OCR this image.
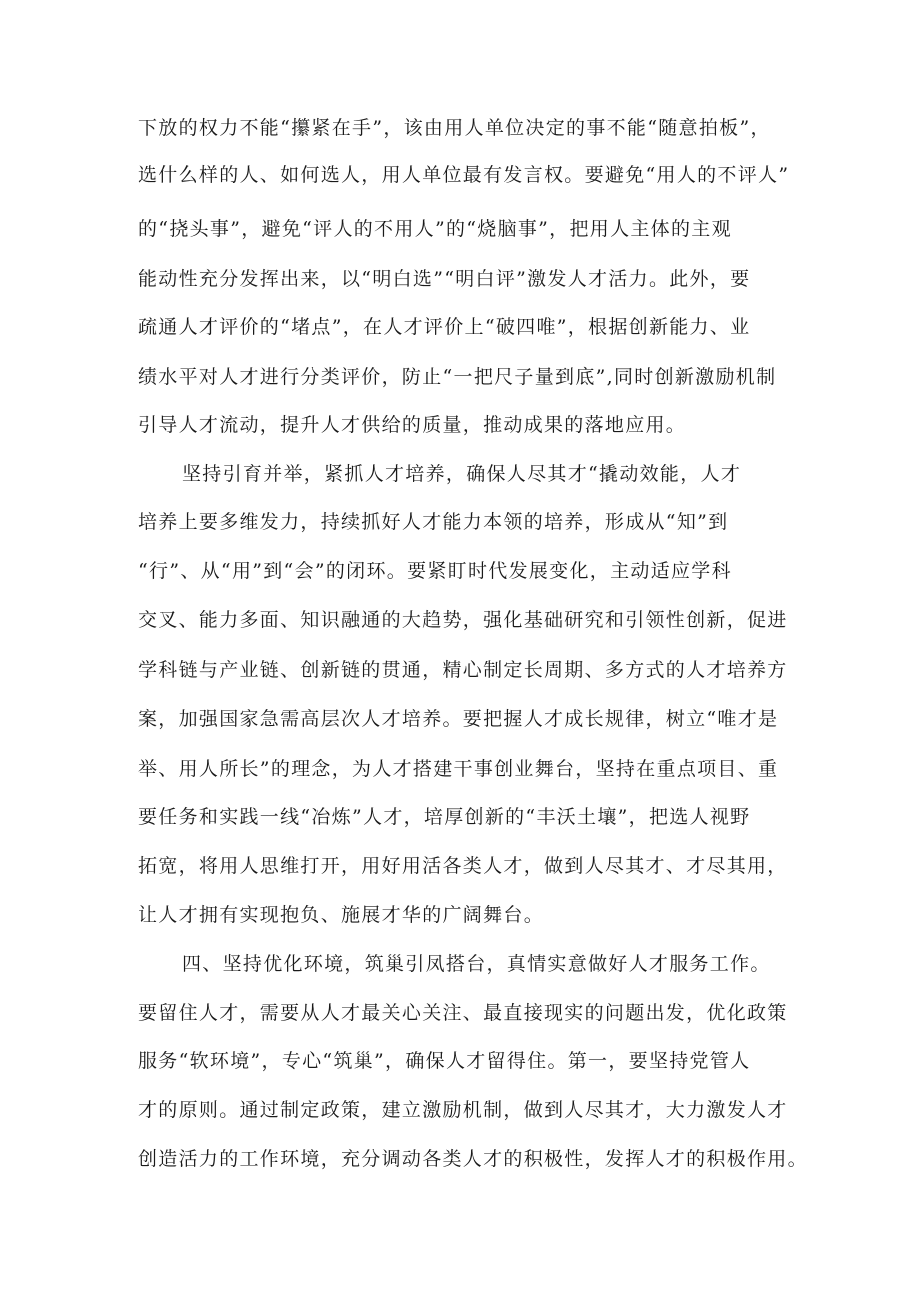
下放的权力不能“攥紧在手”，该由用人单位决定的事不能“随意拍板”，
选什么样的人、如何选人，用人单位最有发言权。要避免“用人的不评人”
的“挠头事”，避免“评人的不用人”的“烧脑事”，把用人主体的主观
能动性充分发挥出来，以“明白选”“明白评”激发人才活力。此外，要
疏通人才评价的“堵点”，在人才评价上“破四唯”，根据创新能力、业
绩水平对人才进行分类评价，防止“一把尺子量到底”,同时创新激励机制
引导人才流动，提升人才供给的质量，推动成果的落地应用。
坚持引育并举，紧抓人才培养，确保人尽其才“撬动效能，人才
培养上要多维发力，持续抓好人才能力本领的培养，形成从“知”到
“行”、从“用”到“会”的闭环。要紧盯时代发展变化，主动适应学科
交叉、能力多面、知识融通的大趋势，强化基础研究和引领性创新，促进
学科链与产业链、创新链的贯通，精心制定长周期、多方式的人才培养方
案，加强国家急需高层次人才培养。要把握人才成长规律，树立“唯才是
举、用人所长”的理念，为人才搭建干事创业舞台，坚持在重点项目、重
要任务和实践一线“冶炼”人才，培厚创新的“丰沃土壤”，把选人视野
拓宽，将用人思维打开，用好用活各类人才，做到人尽其才、才尽其用，
让人才拥有实现抱负、施展才华的广阔舞台。
四、坚持优化环境，筑巢引凤搭台，真情实意做好人才服务工作。
要留住人才，需要从人才最关心关注、最直接现实的问题出发，优化政策
服务“软环境”，专心“筑巢”，确保人才留得住。第一，要坚持党管人
才的原则。通过制定政策，建立激励机制，做到人尽其才，大力激发人才
创造活力的工作环境，充分调动各类人才的积极性，发挥人才的积极作用。
